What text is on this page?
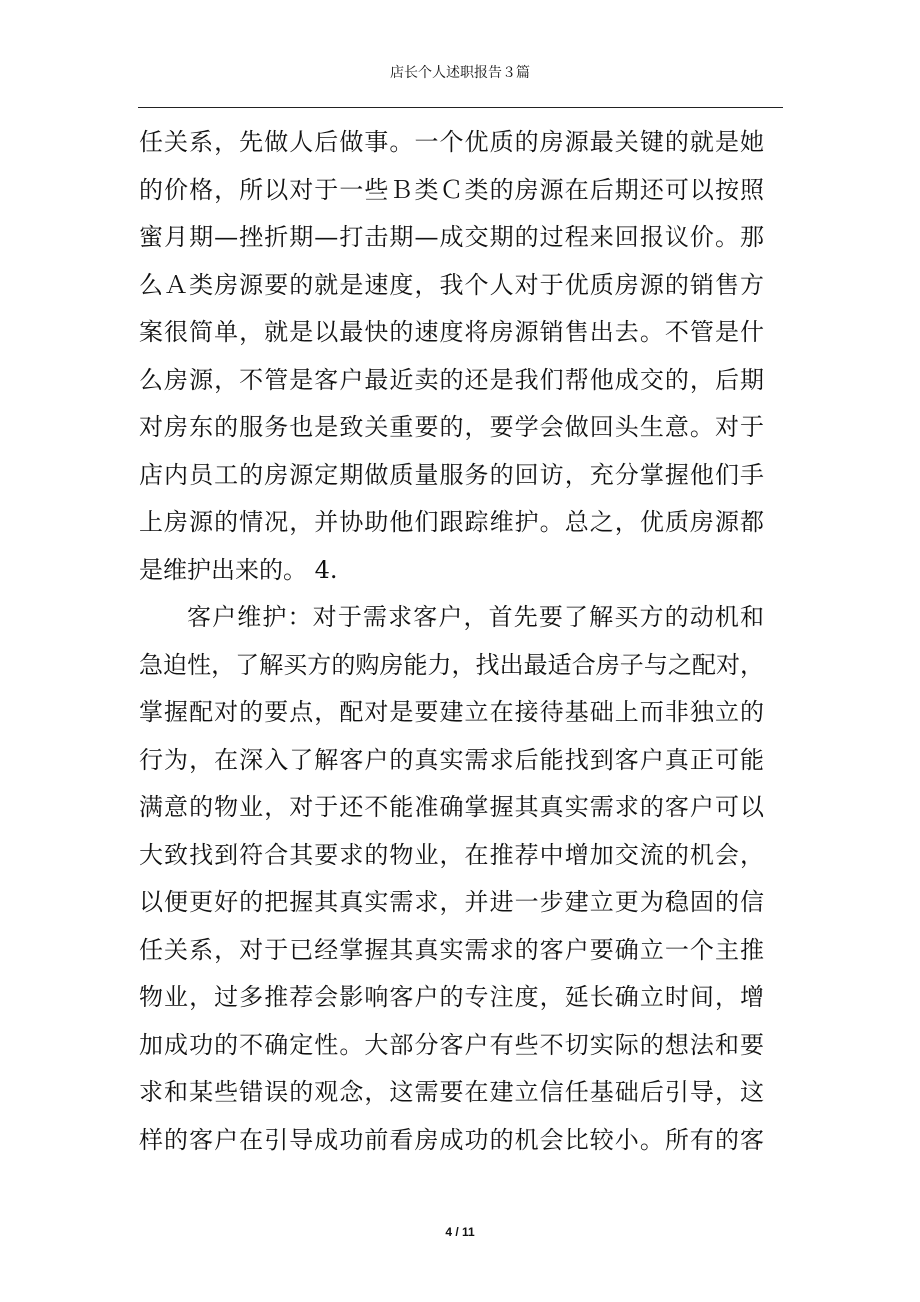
店长个人述职报告３篇
任关系，先做人后做事。一个优质的房源最关键的就是她
的价格，所以对于一些Ｂ类Ｃ类的房源在后期还可以按照
蜜月期—挫折期—打击期—成交期的过程来回报议价。那
么Ａ类房源要的就是速度，我个人对于优质房源的销售方
案很简单，就是以最快的速度将房源销售出去。不管是什
么房源，不管是客户最近卖的还是我们帮他成交的，后期
对房东的服务也是致关重要的，要学会做回头生意。对于
店内员工的房源定期做质量服务的回访，充分掌握他们手
上房源的情况，并协助他们跟踪维护。总之，优质房源都
是维护出来的。 4.
客户维护：对于需求客户，首先要了解买方的动机和
急迫性，了解买方的购房能力，找出最适合房子与之配对，
掌握配对的要点，配对是要建立在接待基础上而非独立的
行为，在深入了解客户的真实需求后能找到客户真正可能
满意的物业，对于还不能准确掌握其真实需求的客户可以
大致找到符合其要求的物业，在推荐中增加交流的机会，
以便更好的把握其真实需求，并进一步建立更为稳固的信
任关系，对于已经掌握其真实需求的客户要确立一个主推
物业，过多推荐会影响客户的专注度，延长确立时间，增
加成功的不确定性。大部分客户有些不切实际的想法和要
求和某些错误的观念，这需要在建立信任基础后引导，这
样的客户在引导成功前看房成功的机会比较小。所有的客
4 / 11
